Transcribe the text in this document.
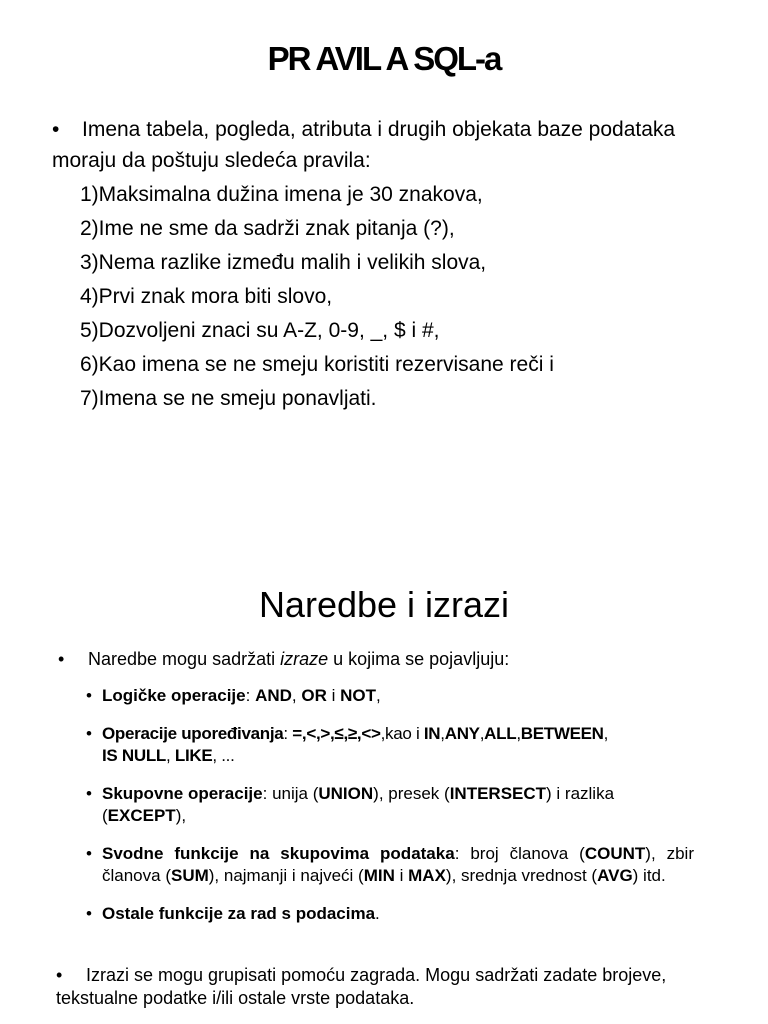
PR AVIL A SQL-a

• Imena tabela, pogleda, atributa i drugih objekata baze podataka moraju da poštuju sledeća pravila:

1)Maksimalna dužina imena je 30 znakova,
2)Ime ne sme da sadrži znak pitanja (?),
3)Nema razlike između malih i velikih slova,
4)Prvi znak mora biti slovo,
5)Dozvoljeni znaci su A-Z, 0-9, _, $ i #,
6)Kao imena se ne smeju koristiti rezervisane reči i
7)Imena se ne smeju ponavljati.
Naredbe i izrazi

• Naredbe mogu sadržati izraze u kojima se pojavljuju:

• Logičke operacije: AND, OR i NOT,
• Operacije upoređivanja: =,<,>,≤,≥,<>,kao i IN,ANY,ALL,BETWEEN,
IS NULL, LIKE, ...
• Skupovne operacije: unija (UNION), presek (INTERSECT) i razlika (EXCEPT),
• Svodne funkcije na skupovima podataka: broj članova (COUNT), zbir članova (SUM), najmanji i najveći (MIN i MAX), srednja vrednost (AVG) itd.
• Ostale funkcije za rad s podacima.

• Izrazi se mogu grupisati pomoću zagrada. Mogu sadržati zadate brojeve, tekstualne podatke i/ili ostale vrste podataka.
